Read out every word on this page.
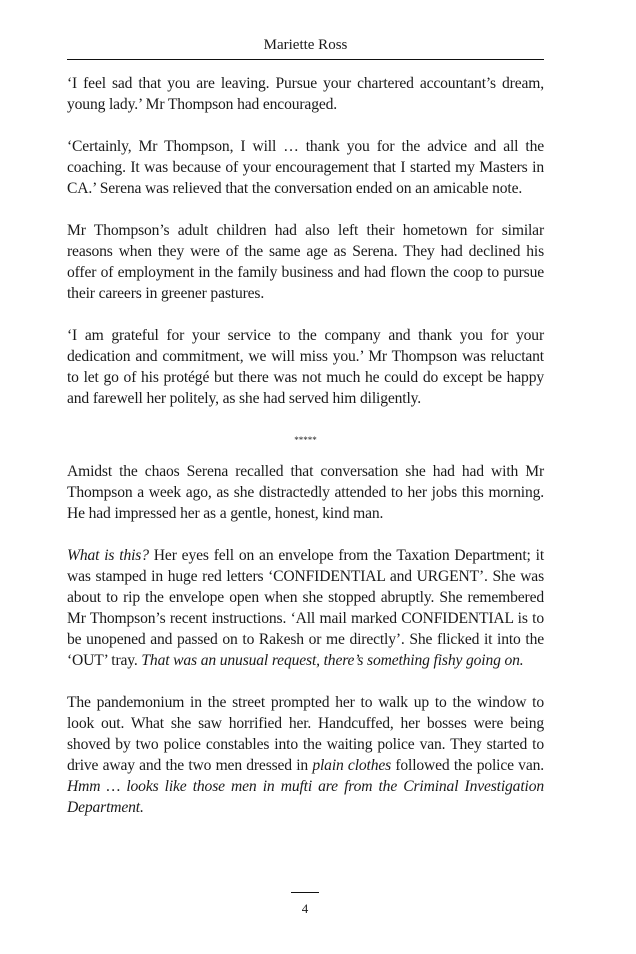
Mariette Ross

‘I feel sad that you are leaving. Pursue your chartered accountant’s dream, young lady.’ Mr Thompson had encouraged.

‘Certainly, Mr Thompson, I will … thank you for the advice and all the coaching. It was because of your encouragement that I started my Masters in CA.’ Serena was relieved that the conversation ended on an amicable note.

Mr Thompson’s adult children had also left their hometown for similar reasons when they were of the same age as Serena. They had declined his offer of employment in the family business and had flown the coop to pursue their careers in greener pastures.

‘I am grateful for your service to the company and thank you for your dedication and commitment, we will miss you.’ Mr Thompson was reluctant to let go of his protégé but there was not much he could do except be happy and farewell her politely, as she had served him diligently.

*****

Amidst the chaos Serena recalled that conversation she had had with Mr Thompson a week ago, as she distractedly attended to her jobs this morning. He had impressed her as a gentle, honest, kind man.

What is this? Her eyes fell on an envelope from the Taxation Department; it was stamped in huge red letters ‘CONFIDENTIAL and URGENT’. She was about to rip the envelope open when she stopped abruptly. She remembered Mr Thompson’s recent instructions. ‘All mail marked CONFIDENTIAL is to be unopened and passed on to Rakesh or me directly’. She flicked it into the ‘OUT’ tray. That was an unusual request, there’s something fishy going on.

The pandemonium in the street prompted her to walk up to the window to look out. What she saw horrified her. Handcuffed, her bosses were being shoved by two police constables into the waiting police van. They started to drive away and the two men dressed in plain clothes followed the police van. Hmm … looks like those men in mufti are from the Criminal Investigation Department.

4
